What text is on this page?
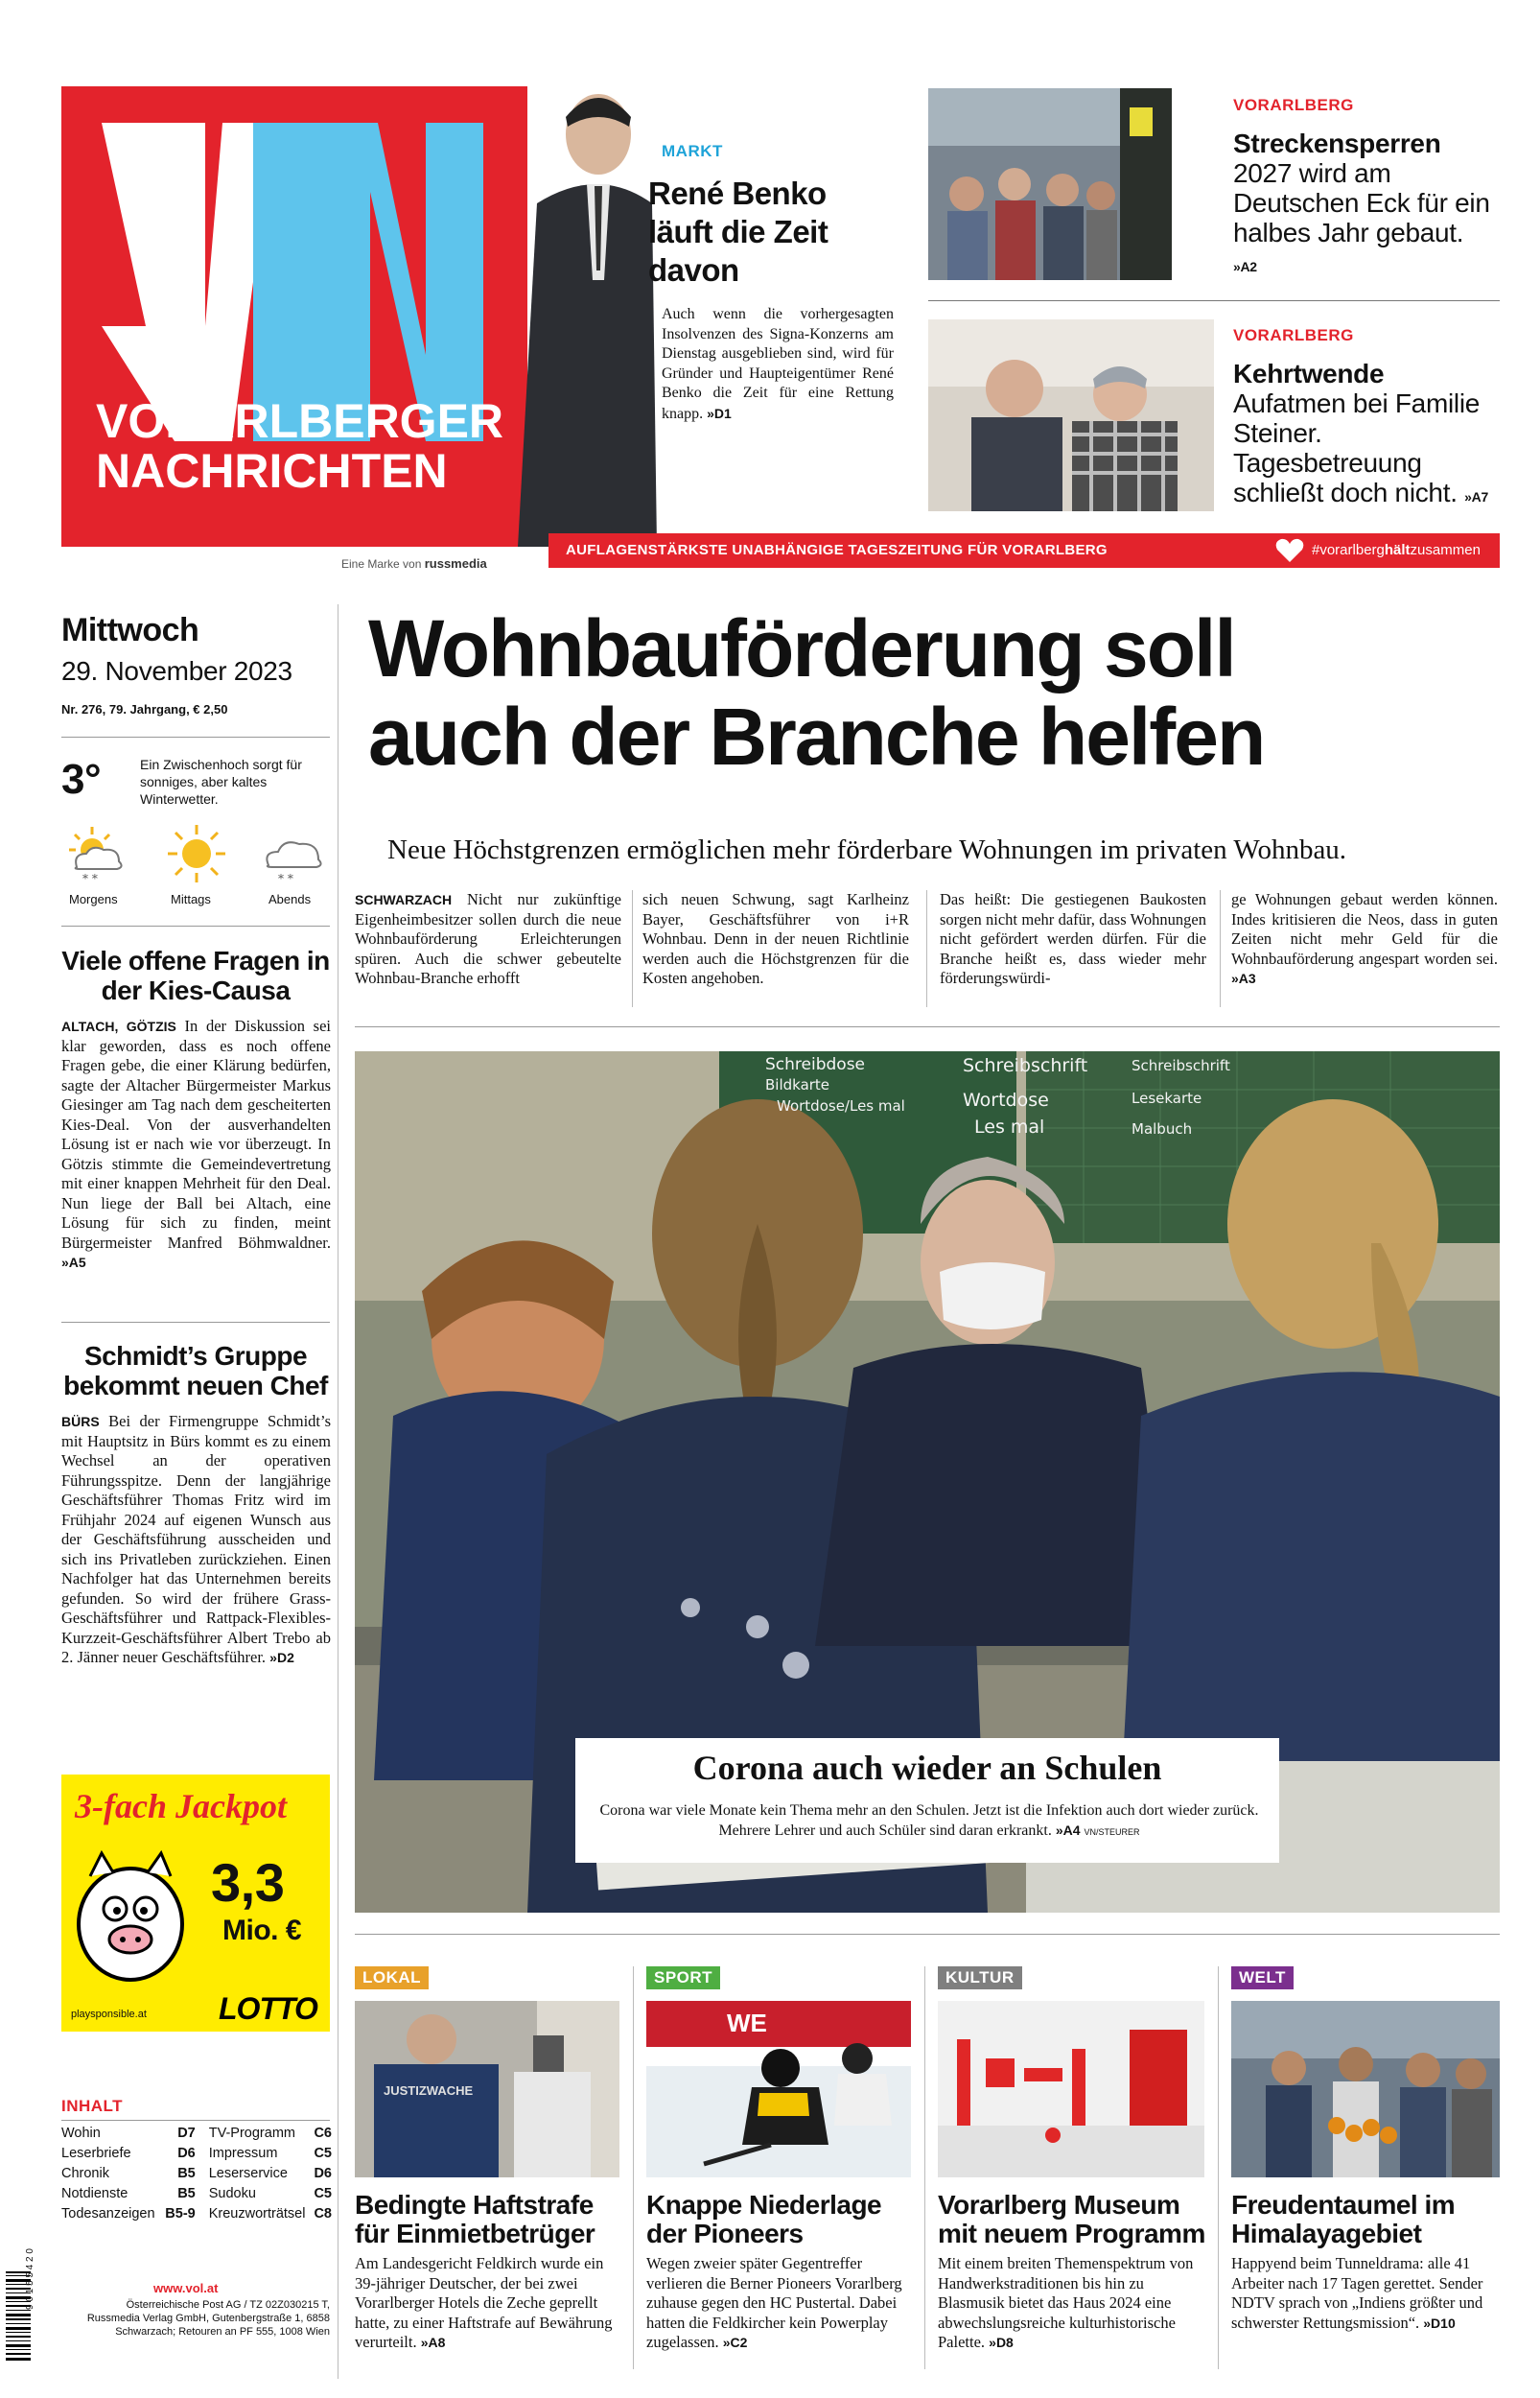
VORARLBERGER
NACHRICHTEN
Eine Marke von russmedia
MARKT
René Benko läuft die Zeit davon
Auch wenn die vorhergesagten Insolvenzen des Signa-Konzerns am Dienstag ausgeblieben sind, wird für Gründer und Haupteigentümer René Benko die Zeit für eine Rettung knapp. »D1
VORARLBERG
Streckensperren 2027 wird am Deutschen Eck für ein halbes Jahr gebaut. »A2
VORARLBERG
Kehrtwende Aufatmen bei Familie Steiner. Tagesbetreuung schließt doch nicht. »A7
AUFLAGENSTÄRKSTE UNABHÄNGIGE TAGESZEITUNG FÜR VORARLBERG	#vorarlberghältzusammen
Mittwoch
29. November 2023
Nr. 276, 79. Jahrgang, € 2,50
3°	Ein Zwischenhoch sorgt für sonniges, aber kaltes Winterwetter.
* *	* *
Morgens	Mittags	Abends
Viele offene Fragen in der Kies-Causa
ALTACH, GÖTZIS In der Diskussion sei klar geworden, dass es noch offene Fragen gebe, die einer Klärung bedürfen, sagte der Altacher Bürgermeister Markus Giesinger am Tag nach dem gescheiterten Kies-Deal. Von der ausverhandelten Lösung ist er nach wie vor überzeugt. In Götzis stimmte die Gemeindevertretung mit einer knappen Mehrheit für den Deal. Nun liege der Ball bei Altach, eine Lösung für sich zu finden, meint Bürgermeister Manfred Böhmwaldner. »A5
Schmidt’s Gruppe bekommt neuen Chef
BÜRS Bei der Firmengruppe Schmidt’s mit Hauptsitz in Bürs kommt es zu einem Wechsel an der operativen Führungsspitze. Denn der langjährige Geschäftsführer Thomas Fritz wird im Frühjahr 2024 auf eigenen Wunsch aus der Geschäftsführung ausscheiden und sich ins Privatleben zurückziehen. Einen Nachfolger hat das Unternehmen bereits gefunden. So wird der frühere Grass-Geschäftsführer und Rattpack-Flexibles-Kurzzeit-Geschäftsführer Albert Trebo ab 2. Jänner neuer Geschäftsführer. »D2
3-fach Jackpot
3,3
Mio. €
playsponsible.at LOTTO
INHALT
Wohin	D7	TV-Programm	C6
Leserbriefe	D6	Impressum	C5
Chronik	B5	Leserservice	D6
Notdienste	B5	Sudoku	C5
Todesanzeigen	B5-9	Kreuzworträtsel	C8
9 0 1 5 5 4 2 0	www.vol.at
Österreichische Post AG / TZ 02Z030215 T, Russmedia Verlag GmbH, Gutenbergstraße 1, 6858 Schwarzach; Retouren an PF 555, 1008 Wien
Wohnbauförderung soll
auch der Branche helfen
Neue Höchstgrenzen ermöglichen mehr förderbare Wohnungen im privaten Wohnbau.
SCHWARZACH Nicht nur zukünftige Eigenheimbesitzer sollen durch die neue Wohnbauförderung Erleichterungen spüren. Auch die schwer gebeutelte Wohnbau-Branche erhofft
sich neuen Schwung, sagt Karlheinz Bayer, Geschäftsführer von i+R Wohnbau. Denn in der neuen Richtlinie werden auch die Höchstgrenzen für die Kosten angehoben.
Das heißt: Die gestiegenen Baukosten sorgen nicht mehr dafür, dass Wohnungen nicht gefördert werden dürfen. Für die Branche heißt es, dass wieder mehr förderungswürdi-
ge Wohnungen gebaut werden können. Indes kritisieren die Neos, dass in guten Zeiten nicht mehr Geld für die Wohnbauförderung angespart worden sei. »A3
Schreibdose
Bildkarte
Wortdose/Les mal
Schreibschrift
Wortdose
Les mal
Schreibschrift
Lesekarte
Malbuch
Corona auch wieder an Schulen
Corona war viele Monate kein Thema mehr an den Schulen. Jetzt ist die Infektion auch dort wieder zurück. Mehrere Lehrer und auch Schüler sind daran erkrankt. »A4 VN/STEURER
LOKAL
JUSTIZWACHE
Bedingte Haftstrafe für Einmietbetrüger
Am Landesgericht Feldkirch wurde ein 39-jähriger Deutscher, der bei zwei Vorarlberger Hotels die Zeche geprellt hatte, zu einer Haftstrafe auf Bewährung verurteilt. »A8
SPORT
WE
Knappe Niederlage der Pioneers
Wegen zweier später Gegentreffer verlieren die Berner Pioneers Vorarlberg zuhause gegen den HC Pustertal. Dabei hatten die Feldkircher kein Powerplay zugelassen. »C2
KULTUR
Vorarlberg Museum mit neuem Programm
Mit einem breiten Themenspektrum von Handwerkstraditionen bis hin zu Blasmusik bietet das Haus 2024 eine abwechslungsreiche kulturhistorische Palette. »D8
WELT
Freudentaumel im Himalayagebiet
Happyend beim Tunneldrama: alle 41 Arbeiter nach 17 Tagen gerettet. Sender NDTV sprach von „Indiens größter und schwerster Rettungsmission“. »D10
